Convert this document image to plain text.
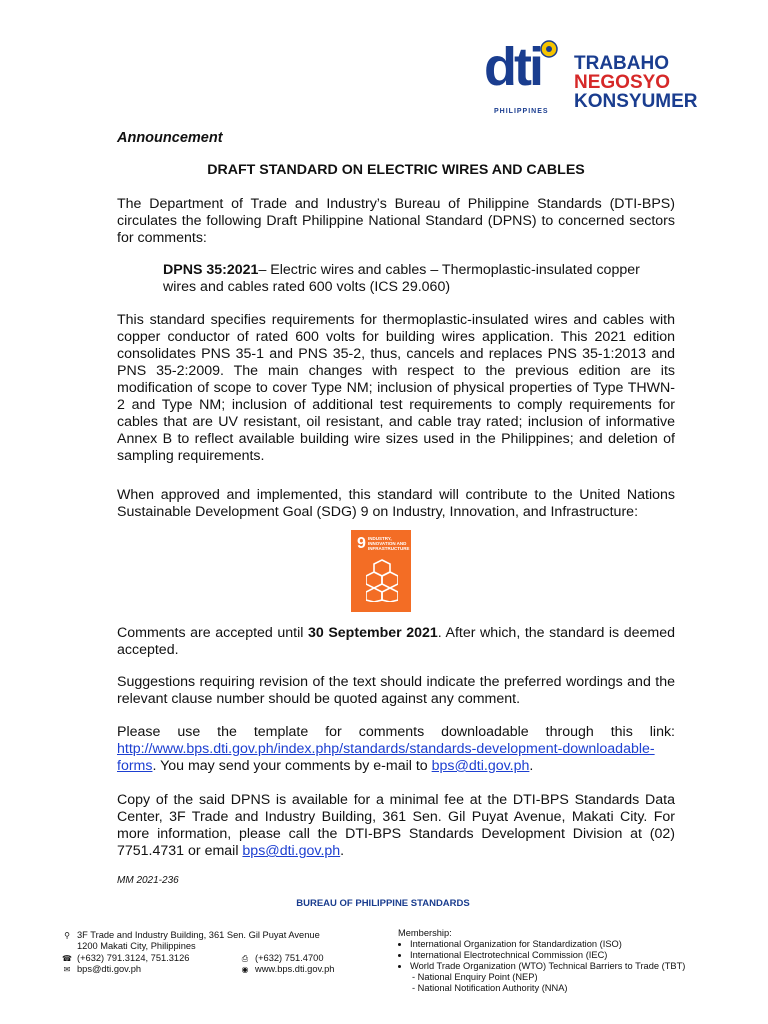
dti
PHILIPPINES
TRABAHO
NEGOSYO
KONSYUMER
Announcement
DRAFT STANDARD ON ELECTRIC WIRES AND CABLES
The Department of Trade and Industry’s Bureau of Philippine Standards (DTI-BPS) circulates the following Draft Philippine National Standard (DPNS) to concerned sectors for comments:
DPNS 35:2021– Electric wires and cables – Thermoplastic-insulated copper wires and cables rated 600 volts (ICS 29.060)
This standard specifies requirements for thermoplastic-insulated wires and cables with copper conductor of rated 600 volts for building wires application. This 2021 edition consolidates PNS 35-1 and PNS 35-2, thus, cancels and replaces PNS 35-1:2013 and PNS 35-2:2009. The main changes with respect to the previous edition are its modification of scope to cover Type NM; inclusion of physical properties of Type THWN-2 and Type NM; inclusion of additional test requirements to comply requirements for cables that are UV resistant, oil resistant, and cable tray rated; inclusion of informative Annex B to reflect available building wire sizes used in the Philippines; and deletion of sampling requirements.
When approved and implemented, this standard will contribute to the United Nations Sustainable Development Goal (SDG) 9 on Industry, Innovation, and Infrastructure:
9 INDUSTRY, INNOVATION AND INFRASTRUCTURE
Comments are accepted until 30 September 2021. After which, the standard is deemed accepted.
Suggestions requiring revision of the text should indicate the preferred wordings and the relevant clause number should be quoted against any comment.
Please use the template for comments downloadable through this link: http://www.bps.dti.gov.ph/index.php/standards/standards-development-downloadable-forms. You may send your comments by e-mail to bps@dti.gov.ph.
Copy of the said DPNS is available for a minimal fee at the DTI-BPS Standards Data Center, 3F Trade and Industry Building, 361 Sen. Gil Puyat Avenue, Makati City. For more information, please call the DTI-BPS Standards Development Division at (02) 7751.4731 or email bps@dti.gov.ph.
MM 2021-236
BUREAU OF PHILIPPINE STANDARDS
⚲ 3F Trade and Industry Building, 361 Sen. Gil Puyat Avenue
1200 Makati City, Philippines
☎ (+632) 791.3124, 751.3126	⎙ (+632) 751.4700
✉ bps@dti.gov.ph	◉ www.bps.dti.gov.ph
Membership:
• International Organization for Standardization (ISO)
• International Electrotechnical Commission (IEC)
• World Trade Organization (WTO) Technical Barriers to Trade (TBT)
- National Enquiry Point (NEP)
- National Notification Authority (NNA)
